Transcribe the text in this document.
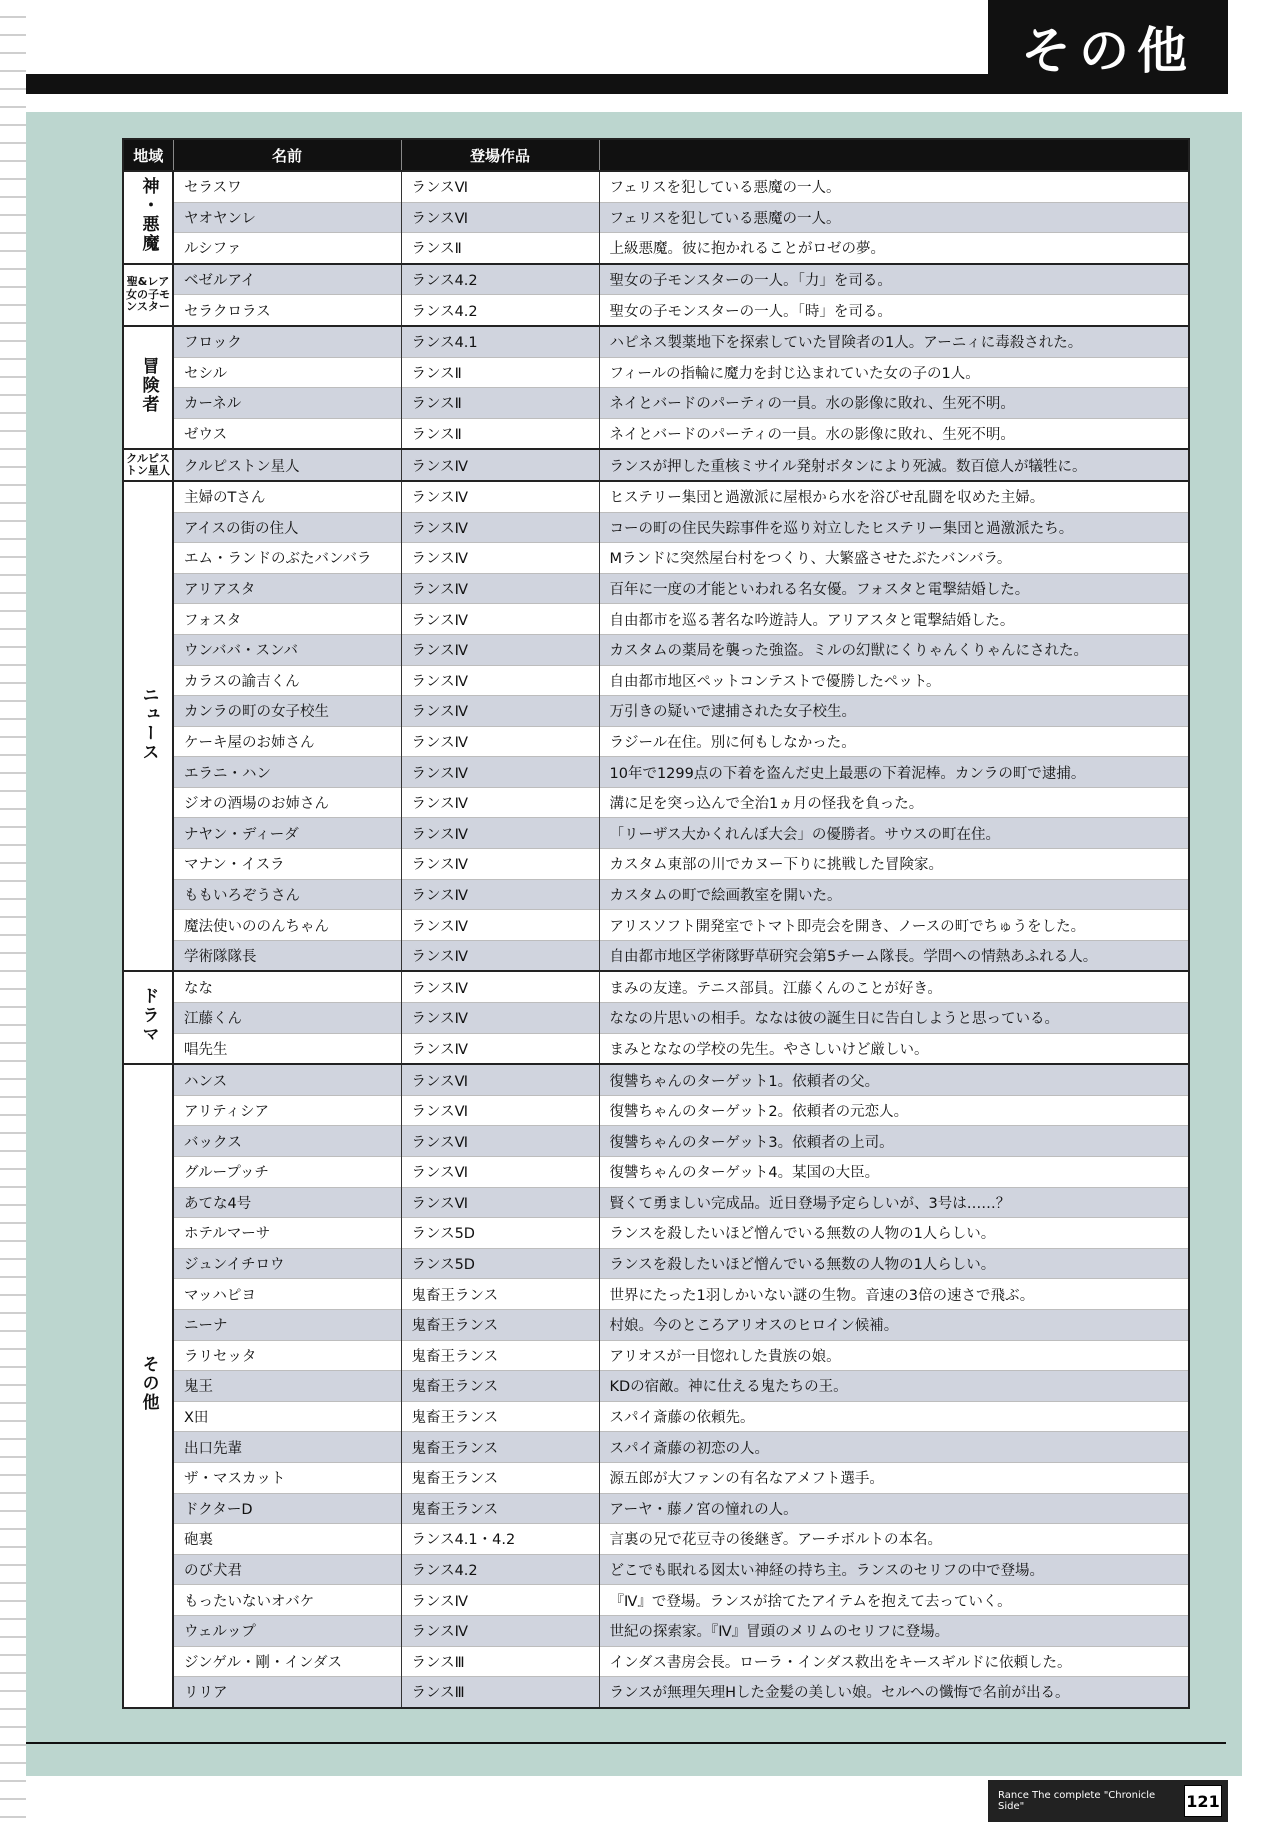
その他
地域	名前	登場作品	
神・悪魔	セラスワ	ランスⅥ	フェリスを犯している悪魔の一人。
	ヤオヤンレ	ランスⅥ	フェリスを犯している悪魔の一人。
	ルシファ	ランスⅡ	上級悪魔。彼に抱かれることがロゼの夢。

聖&レア女の子モンスター	ベゼルアイ	ランス4.2	聖女の子モンスターの一人。「力」を司る。
	セラクロラス	ランス4.2	聖女の子モンスターの一人。「時」を司る。
冒険者	フロック	ランス4.1	ハピネス製薬地下を探索していた冒険者の1人。アーニィに毒殺された。
	セシル	ランスⅡ	フィールの指輪に魔力を封じ込まれていた女の子の1人。
	カーネル	ランスⅡ	ネイとバードのパーティの一員。水の影像に敗れ、生死不明。
	ゼウス	ランスⅡ	ネイとバードのパーティの一員。水の影像に敗れ、生死不明。

クルピストン星人	クルピストン星人	ランスⅣ	ランスが押した重核ミサイル発射ボタンにより死滅。数百億人が犠牲に。
ニュース	主婦のTさん	ランスⅣ	ヒステリー集団と過激派に屋根から水を浴びせ乱闘を収めた主婦。
	アイスの街の住人	ランスⅣ	コーの町の住民失踪事件を巡り対立したヒステリー集団と過激派たち。
	エム・ランドのぶたバンバラ	ランスⅣ	Mランドに突然屋台村をつくり、大繁盛させたぶたバンバラ。
	アリアスタ	ランスⅣ	百年に一度の才能といわれる名女優。フォスタと電撃結婚した。
	フォスタ	ランスⅣ	自由都市を巡る著名な吟遊詩人。アリアスタと電撃結婚した。
	ウンババ・スンバ	ランスⅣ	カスタムの薬局を襲った強盗。ミルの幻獣にくりゃんくりゃんにされた。
	カラスの諭吉くん	ランスⅣ	自由都市地区ペットコンテストで優勝したペット。
	カンラの町の女子校生	ランスⅣ	万引きの疑いで逮捕された女子校生。
	ケーキ屋のお姉さん	ランスⅣ	ラジール在住。別に何もしなかった。
	エラニ・ハン	ランスⅣ	10年で1299点の下着を盗んだ史上最悪の下着泥棒。カンラの町で逮捕。
	ジオの酒場のお姉さん	ランスⅣ	溝に足を突っ込んで全治1ヵ月の怪我を負った。
	ナヤン・ディーダ	ランスⅣ	「リーザス大かくれんぼ大会」の優勝者。サウスの町在住。
	マナン・イスラ	ランスⅣ	カスタム東部の川でカヌー下りに挑戦した冒険家。
	ももいろぞうさん	ランスⅣ	カスタムの町で絵画教室を開いた。
	魔法使いののんちゃん	ランスⅣ	アリスソフト開発室でトマト即売会を開き、ノースの町でちゅうをした。
	学術隊隊長	ランスⅣ	自由都市地区学術隊野草研究会第5チーム隊長。学問への情熱あふれる人。
ドラマ	なな	ランスⅣ	まみの友達。テニス部員。江藤くんのことが好き。
	江藤くん	ランスⅣ	ななの片思いの相手。ななは彼の誕生日に告白しようと思っている。
	唱先生	ランスⅣ	まみとななの学校の先生。やさしいけど厳しい。
その他	ハンス	ランスⅥ	復讐ちゃんのターゲット1。依頼者の父。
	アリティシア	ランスⅥ	復讐ちゃんのターゲット2。依頼者の元恋人。
	バックス	ランスⅥ	復讐ちゃんのターゲット3。依頼者の上司。
	グループッチ	ランスⅥ	復讐ちゃんのターゲット4。某国の大臣。
	あてな4号	ランスⅥ	賢くて勇ましい完成品。近日登場予定らしいが、3号は……？
	ホテルマーサ	ランス5D	ランスを殺したいほど憎んでいる無数の人物の1人らしい。
	ジュンイチロウ	ランス5D	ランスを殺したいほど憎んでいる無数の人物の1人らしい。
	マッハピヨ	鬼畜王ランス	世界にたった1羽しかいない謎の生物。音速の3倍の速さで飛ぶ。
	ニーナ	鬼畜王ランス	村娘。今のところアリオスのヒロイン候補。
	ラリセッタ	鬼畜王ランス	アリオスが一目惚れした貴族の娘。
	鬼王	鬼畜王ランス	KDの宿敵。神に仕える鬼たちの王。
	X田	鬼畜王ランス	スパイ斎藤の依頼先。
	出口先輩	鬼畜王ランス	スパイ斎藤の初恋の人。
	ザ・マスカット	鬼畜王ランス	源五郎が大ファンの有名なアメフト選手。
	ドクターD	鬼畜王ランス	アーヤ・藤ノ宮の憧れの人。
	砲裏	ランス4.1・4.2	言裏の兄で花豆寺の後継ぎ。アーチボルトの本名。
	のび犬君	ランス4.2	どこでも眠れる図太い神経の持ち主。ランスのセリフの中で登場。
	もったいないオバケ	ランスⅣ	『Ⅳ』で登場。ランスが捨てたアイテムを抱えて去っていく。
	ウェルップ	ランスⅣ	世紀の探索家。『Ⅳ』冒頭のメリムのセリフに登場。
	ジンゲル・剛・インダス	ランスⅢ	インダス書房会長。ローラ・インダス救出をキースギルドに依頼した。
	リリア	ランスⅢ	ランスが無理矢理Hした金髪の美しい娘。セルへの懺悔で名前が出る。
Rance The complete "Chronicle Side"	121
